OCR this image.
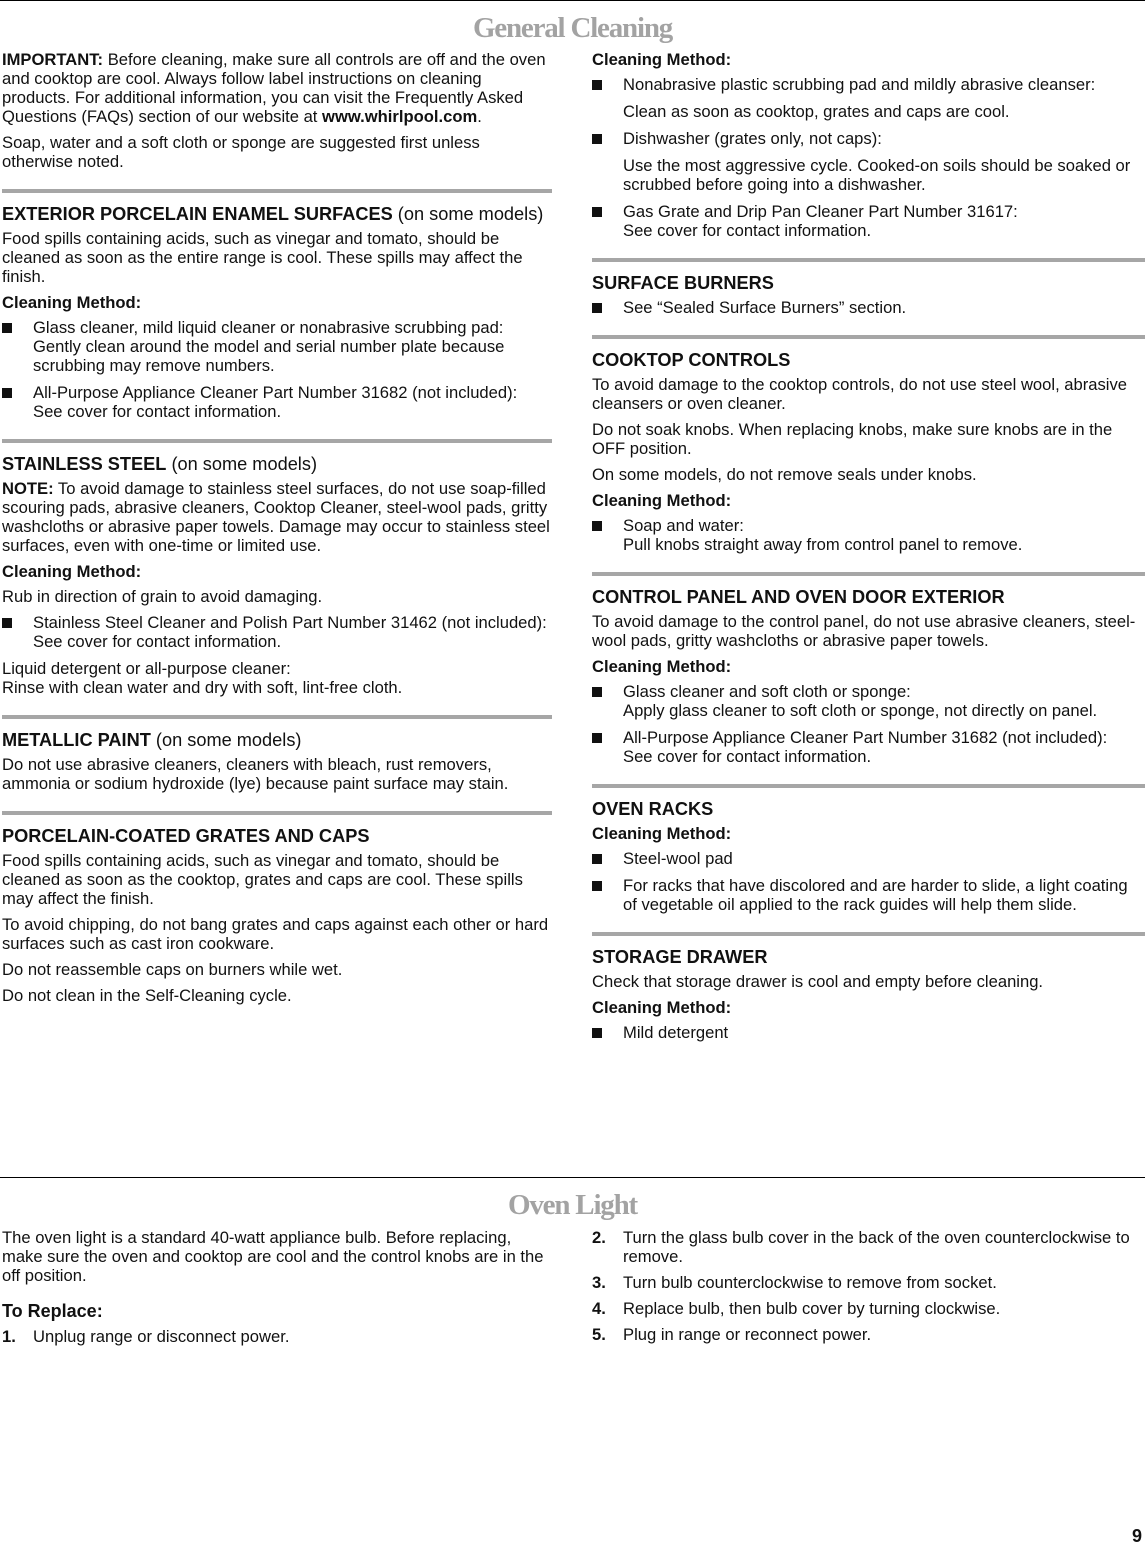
General Cleaning

IMPORTANT: Before cleaning, make sure all controls are off and the oven and cooktop are cool. Always follow label instructions on cleaning products. For additional information, you can visit the Frequently Asked Questions (FAQs) section of our website at www.whirlpool.com.

Soap, water and a soft cloth or sponge are suggested first unless otherwise noted.

EXTERIOR PORCELAIN ENAMEL SURFACES (on some models)

Food spills containing acids, such as vinegar and tomato, should be cleaned as soon as the entire range is cool. These spills may affect the finish.

Cleaning Method:
Glass cleaner, mild liquid cleaner or nonabrasive scrubbing pad:
Gently clean around the model and serial number plate because scrubbing may remove numbers.
All-Purpose Appliance Cleaner Part Number 31682 (not included):
See cover for contact information.
STAINLESS STEEL (on some models)

NOTE: To avoid damage to stainless steel surfaces, do not use soap-filled scouring pads, abrasive cleaners, Cooktop Cleaner, steel-wool pads, gritty washcloths or abrasive paper towels. Damage may occur to stainless steel surfaces, even with one-time or limited use.

Cleaning Method:

Rub in direction of grain to avoid damaging.

Stainless Steel Cleaner and Polish Part Number 31462 (not included):
See cover for contact information.

Liquid detergent or all-purpose cleaner:
Rinse with clean water and dry with soft, lint-free cloth.

METALLIC PAINT (on some models)

Do not use abrasive cleaners, cleaners with bleach, rust removers, ammonia or sodium hydroxide (lye) because paint surface may stain.

PORCELAIN-COATED GRATES AND CAPS

Food spills containing acids, such as vinegar and tomato, should be cleaned as soon as the cooktop, grates and caps are cool. These spills may affect the finish.

To avoid chipping, do not bang grates and caps against each other or hard surfaces such as cast iron cookware.

Do not reassemble caps on burners while wet.

Do not clean in the Self-Cleaning cycle.

Cleaning Method:
Nonabrasive plastic scrubbing pad and mildly abrasive cleanser:
Clean as soon as cooktop, grates and caps are cool.
Dishwasher (grates only, not caps):
Use the most aggressive cycle. Cooked-on soils should be soaked or scrubbed before going into a dishwasher.
Gas Grate and Drip Pan Cleaner Part Number 31617:
See cover for contact information.
SURFACE BURNERS
See “Sealed Surface Burners” section.
COOKTOP CONTROLS

To avoid damage to the cooktop controls, do not use steel wool, abrasive cleansers or oven cleaner.

Do not soak knobs. When replacing knobs, make sure knobs are in the OFF position.

On some models, do not remove seals under knobs.

Cleaning Method:
Soap and water:
Pull knobs straight away from control panel to remove.
CONTROL PANEL AND OVEN DOOR EXTERIOR

To avoid damage to the control panel, do not use abrasive cleaners, steel-wool pads, gritty washcloths or abrasive paper towels.

Cleaning Method:
Glass cleaner and soft cloth or sponge:
Apply glass cleaner to soft cloth or sponge, not directly on panel.
All-Purpose Appliance Cleaner Part Number 31682 (not included):
See cover for contact information.
OVEN RACKS
Cleaning Method:
Steel-wool pad
For racks that have discolored and are harder to slide, a light coating of vegetable oil applied to the rack guides will help them slide.
STORAGE DRAWER

Check that storage drawer is cool and empty before cleaning.

Cleaning Method:
Mild detergent
Oven Light

The oven light is a standard 40-watt appliance bulb. Before replacing, make sure the oven and cooktop are cool and the control knobs are in the off position.

To Replace:
1. Unplug range or disconnect power.
2. Turn the glass bulb cover in the back of the oven counterclockwise to remove.
3. Turn bulb counterclockwise to remove from socket.
4. Replace bulb, then bulb cover by turning clockwise.
5. Plug in range or reconnect power.
9
